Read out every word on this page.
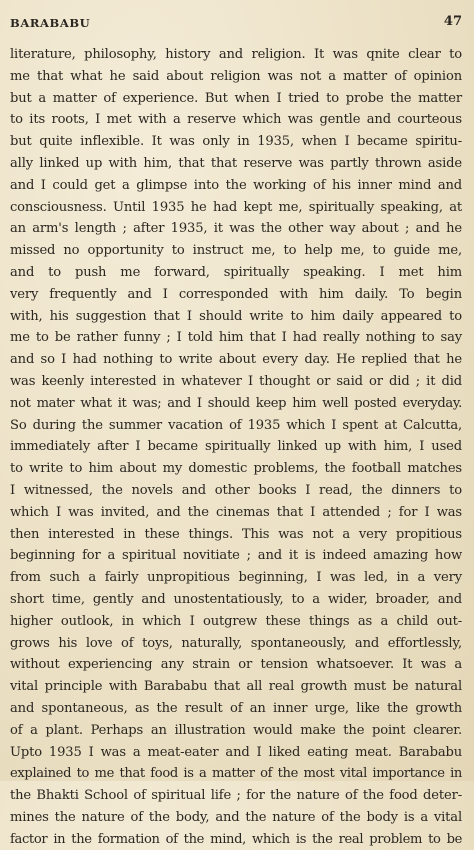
BARABABU	47
literature, philosophy, history and religion. It was qnite clear to
me that what he said about religion was not a matter of opinion
but a matter of experience. But when I tried to probe the matter
to its roots, I met with a reserve which was gentle and courteous
but quite inflexible. It was only in 1935, when I became spiritu-
ally linked up with him, that that reserve was partly thrown aside
and I could get a glimpse into the working of his inner mind and
consciousness. Until 1935 he had kept me, spiritually speaking, at
an arm's length ; after 1935, it was the other way about ; and he
missed no opportunity to instruct me, to help me, to guide me,
and to push me forward, spiritually speaking. I met him
very frequently and I corresponded with him daily. To begin
with, his suggestion that I should write to him daily appeared to
me to be rather funny ; I told him that I had really nothing to say
and so I had nothing to write about every day. He replied that he
was keenly interested in whatever I thought or said or did ; it did
not mater what it was; and I should keep him well posted everyday.
So during the summer vacation of 1935 which I spent at Calcutta,
immediately after I became spiritually linked up with him, I used
to write to him about my domestic problems, the football matches
I witnessed, the novels and other books I read, the dinners to
which I was invited, and the cinemas that I attended ; for I was
then interested in these things. This was not a very propitious
beginning for a spiritual novitiate ; and it is indeed amazing how
from such a fairly unpropitious beginning, I was led, in a very
short time, gently and unostentatiously, to a wider, broader, and
higher outlook, in which I outgrew these things as a child out-
grows his love of toys, naturally, spontaneously, and effortlessly,
without experiencing any strain or tension whatsoever. It was a
vital principle with Barababu that all real growth must be natural
and spontaneous, as the result of an inner urge, like the growth
of a plant. Perhaps an illustration would make the point clearer.
Upto 1935 I was a meat-eater and I liked eating meat. Barababu
explained to me that food is a matter of the most vital importance in
the Bhakti School of spiritual life ; for the nature of the food deter-
mines the nature of the body, and the nature of the body is a vital
factor in the formation of the mind, which is the real problem to be
